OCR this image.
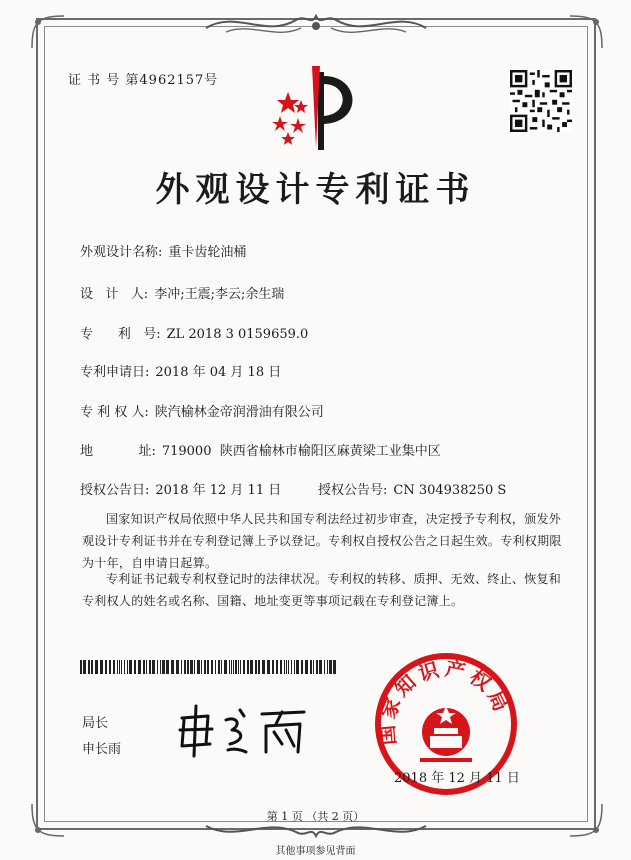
证 书 号 第4962157号
外观设计专利证书
外观设计名称: 重卡齿轮油桶
设   计   人: 李冲;王震;李云;余生瑞
专      利   号: ZL 2018 3 0159659.0
专利申请日: 2018 年 04 月 18 日
专 利 权 人: 陕汽榆林金帝润滑油有限公司
地           址: 719000  陕西省榆林市榆阳区麻黄梁工业集中区
授权公告日: 2018 年 12 月 11 日	授权公告号: CN 304938250 S
国家知识产权局依照中华人民共和国专利法经过初步审查，决定授予专利权，颁发外观设计专利证书并在专利登记簿上予以登记。专利权自授权公告之日起生效。专利权期限为十年，自申请日起算。
专利证书记载专利权登记时的法律状况。专利权的转移、质押、无效、终止、恢复和专利权人的姓名或名称、国籍、地址变更等事项记载在专利登记簿上。
局长
申长雨
国家知识产权局
2018 年 12 月 11 日
第 1 页 （共 2 页）
其他事项参见背面
